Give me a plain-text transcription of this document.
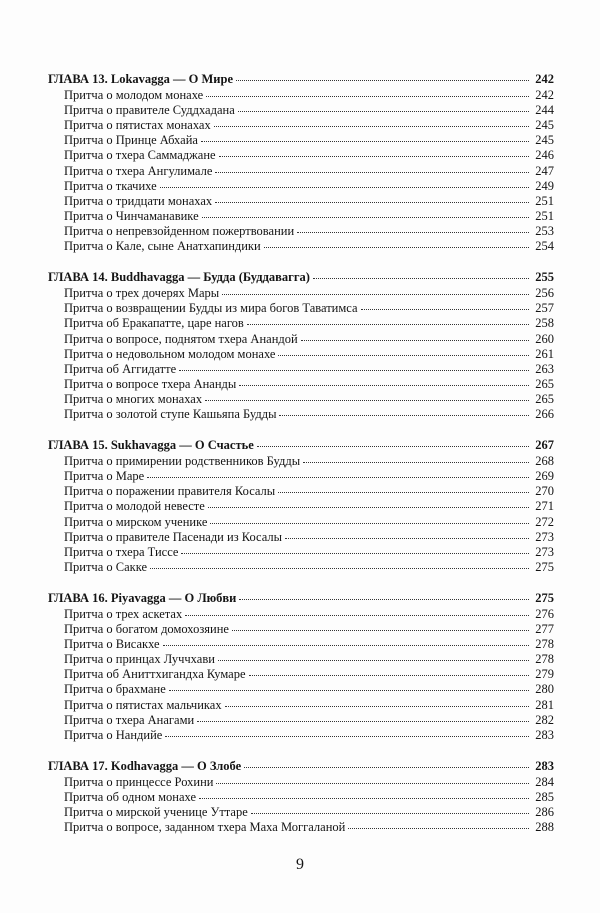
ГЛАВА 13. Lokavagga — О Мире	242
Притча о молодом монахе	242
Притча о правителе Суддхадана	244
Притча о пятистах монахах	245
Притча о Принце Абхайа	245
Притча о тхера Саммаджане	246
Притча о тхера Ангулимале	247
Притча о ткачихе	249
Притча о тридцати монахах	251
Притча о Чинчаманавике	251
Притча о непревзойденном пожертвовании	253
Притча о Кале, сыне Анатхапиндики	254
ГЛАВА 14. Buddhavagga — Будда (Буддавагга)	255
Притча о трех дочерях Мары	256
Притча о возвращении Будды из мира богов Таватимса	257
Притча об Еракапатте, царе нагов	258
Притча о вопросе, поднятом тхера Анандой	260
Притча о недовольном молодом монахе	261
Притча об Аггидатте	263
Притча о вопросе тхера Ананды	265
Притча о многих монахах	265
Притча о золотой ступе Кашьяпа Будды	266
ГЛАВА 15. Sukhavagga — О Счастье	267
Притча о примирении родственников Будды	268
Притча о Маре	269
Притча о поражении правителя Косалы	270
Притча о молодой невесте	271
Притча о мирском ученике	272
Притча о правителе Пасенади из Косалы	273
Притча о тхера Тиссе	273
Притча о Сакке	275
ГЛАВА 16. Piyavagga — О Любви	275
Притча о трех аскетах	276
Притча о богатом домохозяине	277
Притча о Висакхе	278
Притча о принцах Луччхави	278
Притча об Аниттхигандха Кумаре	279
Притча о брахмане	280
Притча о пятистах мальчиках	281
Притча о тхера Анагами	282
Притча о Нандийе	283
ГЛАВА 17. Kodhavagga — О Злобе	283
Притча о принцессе Рохини	284
Притча об одном монахе	285
Притча о мирской ученице Уттаре	286
Притча о вопросе, заданном тхера Маха Моггаланой	288
9
